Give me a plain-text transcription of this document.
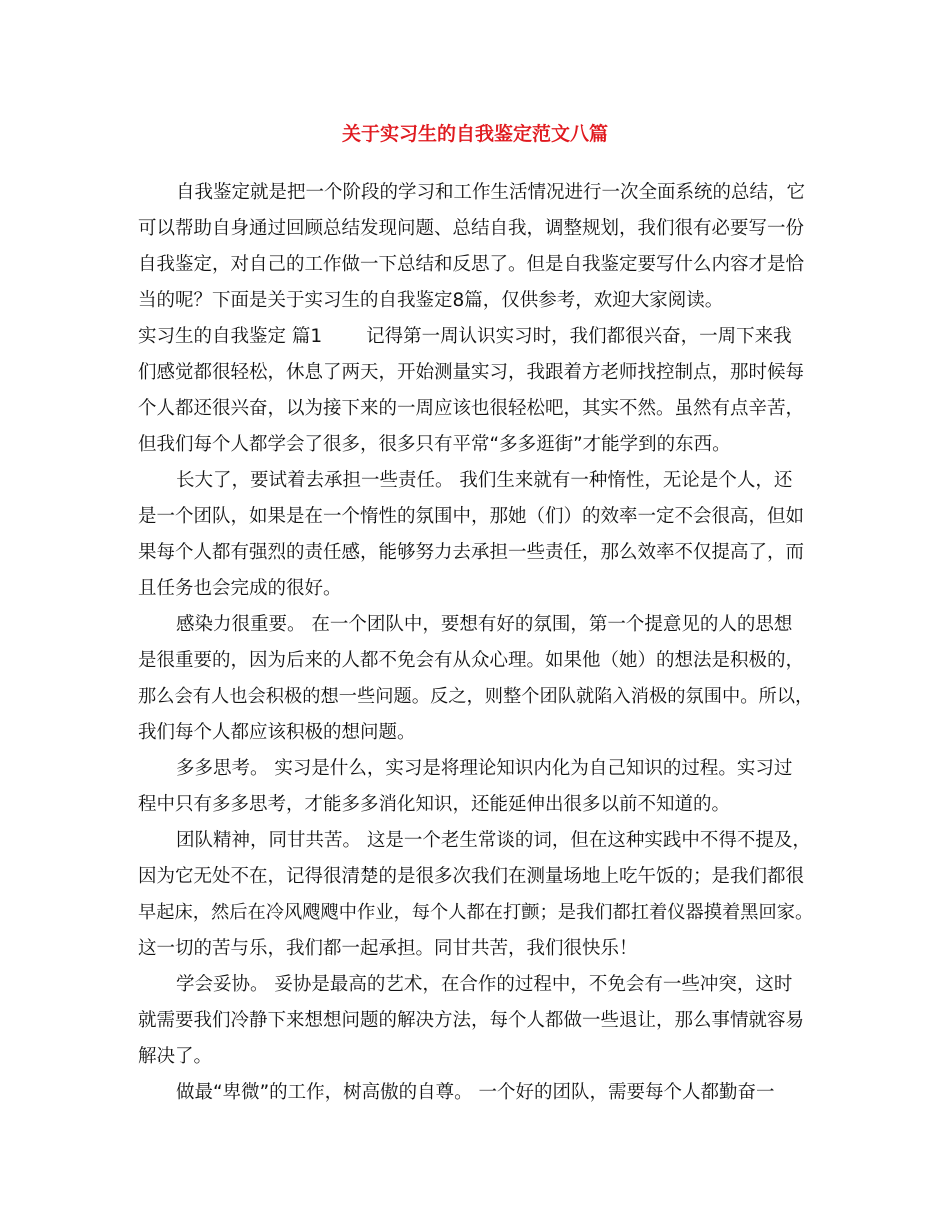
关于实习生的自我鉴定范文八篇
自我鉴定就是把一个阶段的学习和工作生活情况进行一次全面系统的总结，它
可以帮助自身通过回顾总结发现问题、总结自我，调整规划，我们很有必要写一份
自我鉴定，对自己的工作做一下总结和反思了。但是自我鉴定要写什么内容才是恰
当的呢？下面是关于实习生的自我鉴定8篇，仅供参考，欢迎大家阅读。
实习生的自我鉴定 篇1 记得第一周认识实习时，我们都很兴奋，一周下来我
们感觉都很轻松，休息了两天，开始测量实习，我跟着方老师找控制点，那时候每
个人都还很兴奋，以为接下来的一周应该也很轻松吧，其实不然。虽然有点辛苦，
但我们每个人都学会了很多，很多只有平常“多多逛街”才能学到的东西。
长大了，要试着去承担一些责任。 我们生来就有一种惰性，无论是个人，还
是一个团队，如果是在一个惰性的氛围中，那她（们）的效率一定不会很高，但如
果每个人都有强烈的责任感，能够努力去承担一些责任，那么效率不仅提高了，而
且任务也会完成的很好。
感染力很重要。 在一个团队中，要想有好的氛围，第一个提意见的人的思想
是很重要的，因为后来的人都不免会有从众心理。如果他（她）的想法是积极的，
那么会有人也会积极的想一些问题。反之，则整个团队就陷入消极的氛围中。所以，
我们每个人都应该积极的想问题。
多多思考。 实习是什么，实习是将理论知识内化为自己知识的过程。实习过
程中只有多多思考，才能多多消化知识，还能延伸出很多以前不知道的。
团队精神，同甘共苦。 这是一个老生常谈的词，但在这种实践中不得不提及，
因为它无处不在，记得很清楚的是很多次我们在测量场地上吃午饭的；是我们都很
早起床，然后在冷风飕飕中作业，每个人都在打颤；是我们都扛着仪器摸着黑回家。
这一切的苦与乐，我们都一起承担。同甘共苦，我们很快乐！
学会妥协。 妥协是最高的艺术，在合作的过程中，不免会有一些冲突，这时
就需要我们冷静下来想想问题的解决方法，每个人都做一些退让，那么事情就容易
解决了。
做最“卑微”的工作，树高傲的自尊。 一个好的团队，需要每个人都勤奋一
